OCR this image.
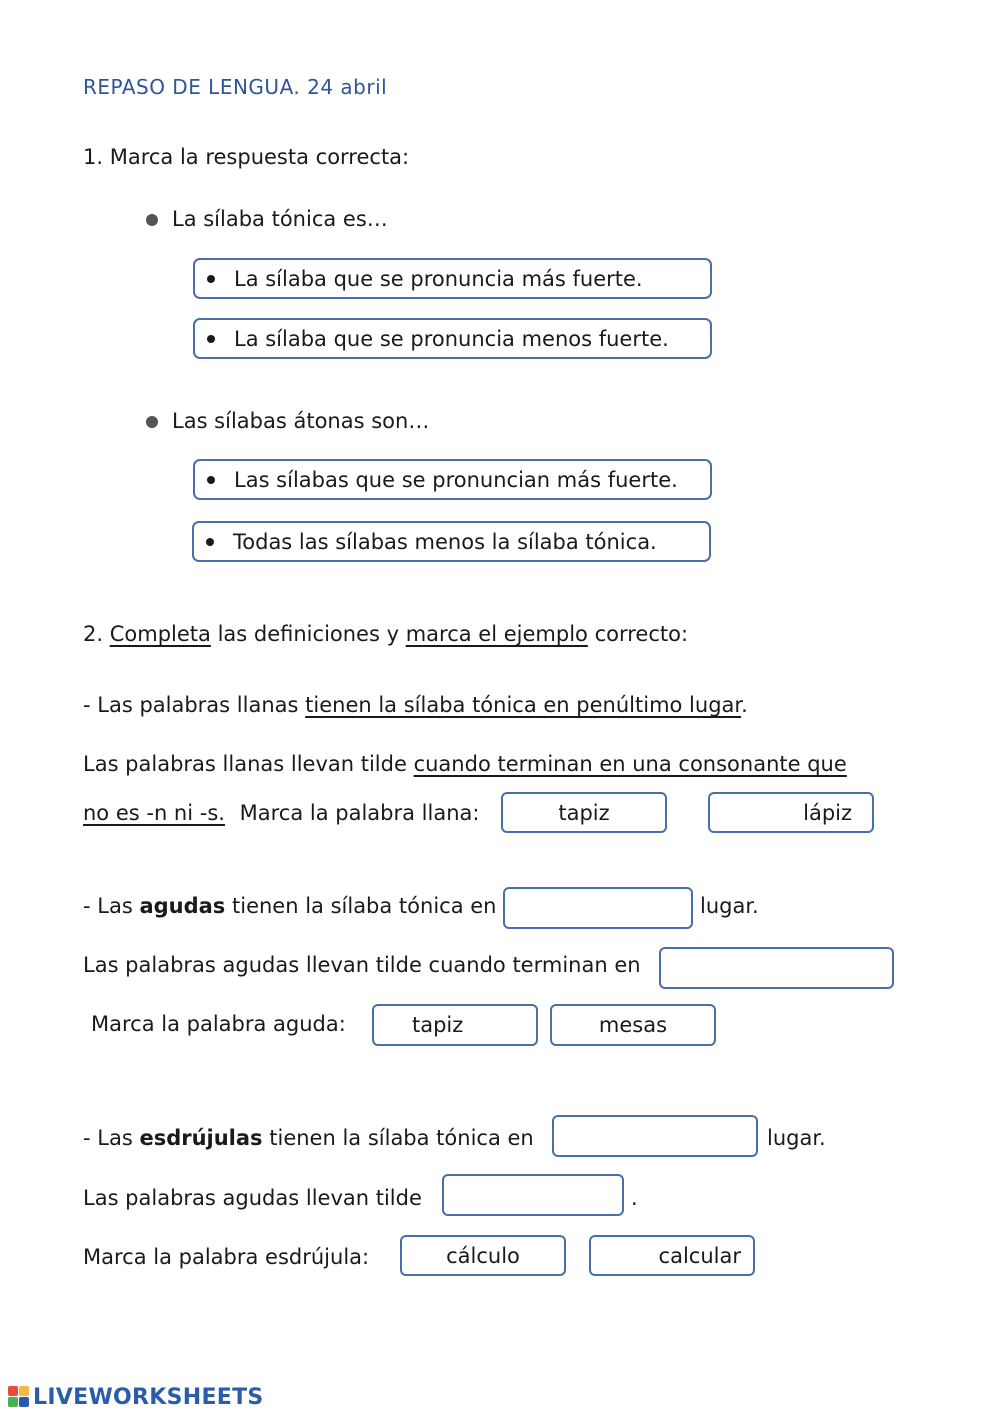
REPASO DE LENGUA. 24 abril
1. Marca la respuesta correcta:
La sílaba tónica es…
La sílaba que se pronuncia más fuerte.
La sílaba que se pronuncia menos fuerte.
Las sílabas átonas son…
Las sílabas que se pronuncian más fuerte.
Todas las sílabas menos la sílaba tónica.
2. Completa las definiciones y marca el ejemplo correcto:
- Las palabras llanas tienen la sílaba tónica en penúltimo lugar.
Las palabras llanas llevan tilde cuando terminan en una consonante que
no es -n ni -s. Marca la palabra llana:	tapiz	lápiz
- Las agudas tienen la sílaba tónica en	lugar.
Las palabras agudas llevan tilde cuando terminan en
Marca la palabra aguda:	tapiz	mesas
- Las esdrújulas tienen la sílaba tónica en	lugar.
Las palabras agudas llevan tilde	.
Marca la palabra esdrújula:	cálculo	calcular
LIVEWORKSHEETS
